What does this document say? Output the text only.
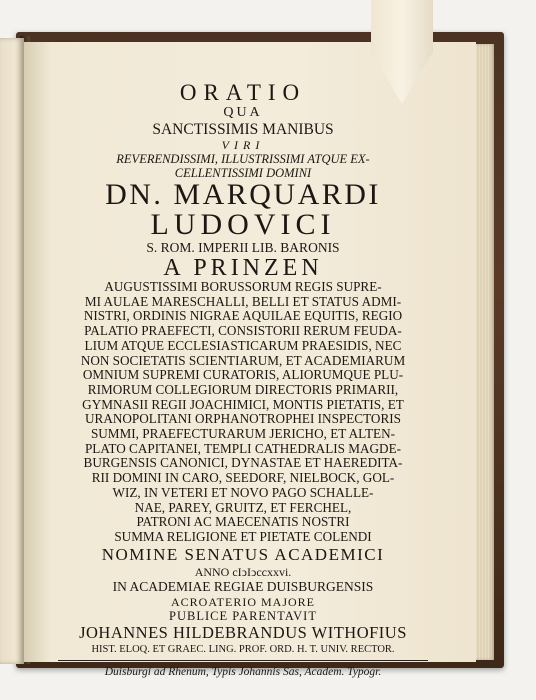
ORATIO
QUA
SANCTISSIMIS MANIBUS
VIRI
REVERENDISSIMI, ILLUSTRISSIMI ATQUE EX-
CELLENTISSIMI DOMINI
DN. MARQUARDI
LUDOVICI
S. ROM. IMPERII LIB. BARONIS
A PRINZEN
AUGUSTISSIMI BORUSSORUM REGIS SUPRE-
MI AULAE MARESCHALLI, BELLI ET STATUS ADMI-
NISTRI, ORDINIS NIGRAE AQUILAE EQUITIS, REGIO
PALATIO PRAEFECTI, CONSISTORII RERUM FEUDA-
LIUM ATQUE ECCLESIASTICARUM PRAESIDIS, NEC
NON SOCIETATIS SCIENTIARUM, ET ACADEMIARUM
OMNIUM SUPREMI CURATORIS, ALIORUMQUE PLU-
RIMORUM COLLEGIORUM DIRECTORIS PRIMARII,
GYMNASII REGII JOACHIMICI, MONTIS PIETATIS, ET
URANOPOLITANI ORPHANOTROPHEI INSPECTORIS
SUMMI, PRAEFECTURARUM JERICHO, ET ALTEN-
PLATO CAPITANEI, TEMPLI CATHEDRALIS MAGDE-
BURGENSIS CANONICI, DYNASTAE ET HAEREDITA-
RII DOMINI IN CARO, SEEDORF, NIELBOCK, GOL-
WIZ, IN VETERI ET NOVO PAGO SCHALLE-
NAE, PAREY, GRUITZ, ET FERCHEL,
PATRONI AC MAECENATIS NOSTRI
SUMMA RELIGIONE ET PIETATE COLENDI
NOMINE SENATUS ACADEMICI
ANNO cIↄIↄccxxvi.
IN ACADEMIAE REGIAE DUISBURGENSIS
ACROATERIO MAJORE
PUBLICE PARENTAVIT
JOHANNES HILDEBRANDUS WITHOFIUS
HIST. ELOQ. ET GRAEC. LING. PROF. ORD. H. T. UNIV. RECTOR.
Duisburgi ad Rhenum, Typis Johannis Sas, Academ. Typogr.
